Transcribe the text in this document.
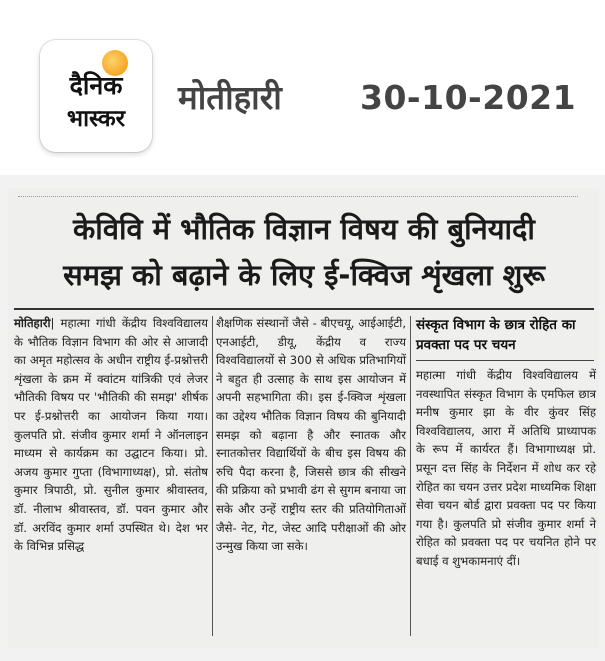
दैनिक
भास्कर
मोतीहारी 30-10-2021
केविवि में भौतिक विज्ञान विषय की बुनियादी
समझ को बढ़ाने के लिए ई-क्विज शृंखला शुरू

मोतिहारी| महात्मा गांधी केंद्रीय विश्वविद्यालय के भौतिक विज्ञान विभाग की ओर से आजादी का अमृत महोत्सव के अधीन राष्ट्रीय ई-प्रश्नोत्तरी शृंखला के क्रम में क्वांटम यांत्रिकी एवं लेजर भौतिकी विषय पर 'भौतिकी की समझ' शीर्षक पर ई-प्रश्नोत्तरी का आयोजन किया गया। कुलपति प्रो. संजीव कुमार शर्मा ने ऑनलाइन माध्यम से कार्यक्रम का उद्घाटन किया। प्रो. अजय कुमार गुप्ता (विभागाध्यक्ष), प्रो. संतोष कुमार त्रिपाठी, प्रो. सुनील कुमार श्रीवास्तव, डॉ. नीलाभ श्रीवास्तव, डॉ. पवन कुमार और डॉ. अरविंद कुमार शर्मा उपस्थित थे। देश भर के विभिन्न प्रसिद्ध

शैक्षणिक संस्थानों जैसे - बीएचयू, आईआईटी, एनआईटी, डीयू, केंद्रीय व राज्य विश्वविद्यालयों से 300 से अधिक प्रतिभागियों ने बहुत ही उत्साह के साथ इस आयोजन में अपनी सहभागिता की। इस ई-क्विज शृंखला का उद्देश्य भौतिक विज्ञान विषय की बुनियादी समझ को बढ़ाना है और स्नातक और स्नातकोत्तर विद्यार्थियों के बीच इस विषय की रुचि पैदा करना है, जिससे छात्र की सीखने की प्रक्रिया को प्रभावी ढंग से सुगम बनाया जा सके और उन्हें राष्ट्रीय स्तर की प्रतियोगिताओं जैसे- नेट, गेट, जेस्ट आदि परीक्षाओं की ओर उन्मुख किया जा सके।

संस्कृत विभाग के छात्र रोहित का प्रवक्ता पद पर चयन

महात्मा गांधी केंद्रीय विश्वविद्यालय में नवस्थापित संस्कृत विभाग के एमफिल छात्र मनीष कुमार झा के वीर कुंवर सिंह विश्वविद्यालय, आरा में अतिथि प्राध्यापक के रूप में कार्यरत हैं। विभागाध्यक्ष प्रो. प्रसून दत्त सिंह के निर्देशन में शोध कर रहे रोहित का चयन उत्तर प्रदेश माध्यमिक शिक्षा सेवा चयन बोर्ड द्वारा प्रवक्ता पद पर किया गया है। कुलपति प्रो संजीव कुमार शर्मा ने रोहित को प्रवक्ता पद पर चयनित होने पर बधाई व शुभकामनाएं दीं।
